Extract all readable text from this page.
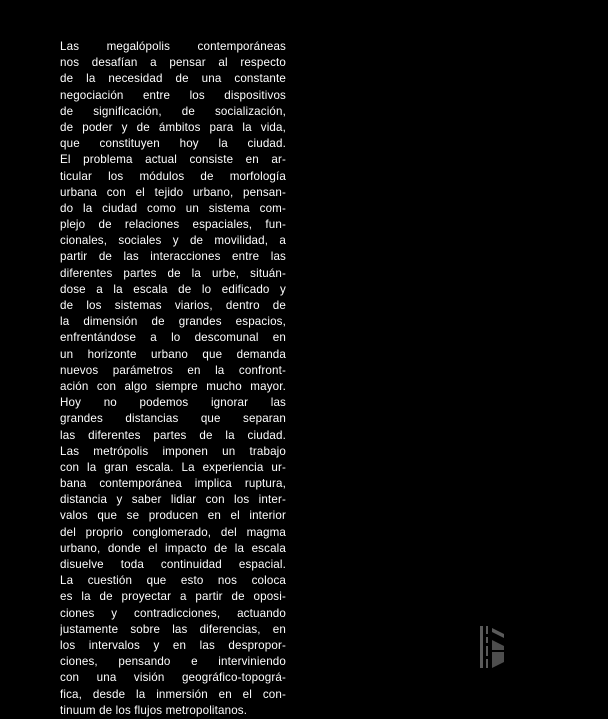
Las megalópolis contemporáneas
nos desafían a pensar al respecto
de la necesidad de una constante
negociación entre los dispositivos
de significación, de socialización,
de poder y de ámbitos para la vida,
que constituyen hoy la ciudad.
El problema actual consiste en ar-
ticular los módulos de morfología
urbana con el tejido urbano, pensan-
do la ciudad como un sistema com-
plejo de relaciones espaciales, fun-
cionales, sociales y de movilidad, a
partir de las interacciones entre las
diferentes partes de la urbe, situán-
dose a la escala de lo edificado y
de los sistemas viarios, dentro de
la dimensión de grandes espacios,
enfrentándose a lo descomunal en
un horizonte urbano que demanda
nuevos parámetros en la confront-
ación con algo siempre mucho mayor.
Hoy no podemos ignorar las
grandes distancias que separan
las diferentes partes de la ciudad.
Las metrópolis imponen un trabajo
con la gran escala. La experiencia ur-
bana contemporánea implica ruptura,
distancia y saber lidiar con los inter-
valos que se producen en el interior
del proprio conglomerado, del magma
urbano, donde el impacto de la escala
disuelve toda continuidad espacial.
La cuestión que esto nos coloca
es la de proyectar a partir de oposi-
ciones y contradicciones, actuando
justamente sobre las diferencias, en
los intervalos y en las despropor-
ciones, pensando e interviniendo
con una visión geográfico-topográ-
fica, desde la inmersión en el con-
tinuum de los flujos metropolitanos.
